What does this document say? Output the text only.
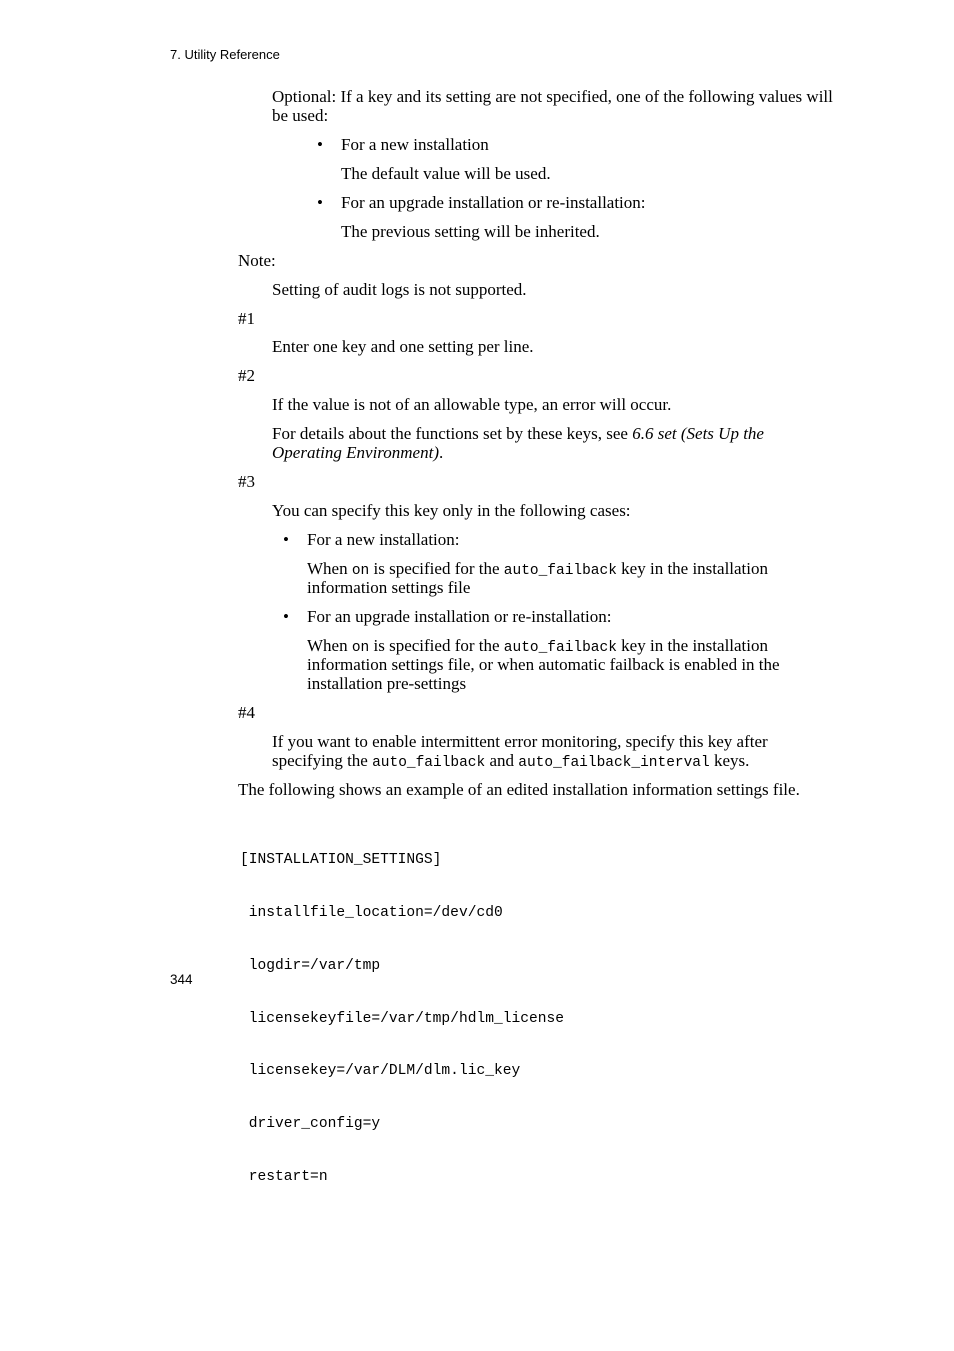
7. Utility Reference
Optional: If a key and its setting are not specified, one of the following values will be used:
• For a new installation
The default value will be used.
• For an upgrade installation or re-installation:
The previous setting will be inherited.
Note:
Setting of audit logs is not supported.
#1
Enter one key and one setting per line.
#2
If the value is not of an allowable type, an error will occur.
For details about the functions set by these keys, see 6.6 set (Sets Up the Operating Environment).
#3
You can specify this key only in the following cases:
• For a new installation:
When on is specified for the auto_failback key in the installation
information settings file
• For an upgrade installation or re-installation:
When on is specified for the auto_failback key in the installation
information settings file, or when automatic failback is enabled in the
installation pre-settings
#4
If you want to enable intermittent error monitoring, specify this key after
specifying the auto_failback and auto_failback_interval keys.
The following shows an example of an edited installation information settings file.

[INSTALLATION_SETTINGS]

installfile_location=/dev/cd0

logdir=/var/tmp

licensekeyfile=/var/tmp/hdlm_license

licensekey=/var/DLM/dlm.lic_key

driver_config=y

restart=n

344
